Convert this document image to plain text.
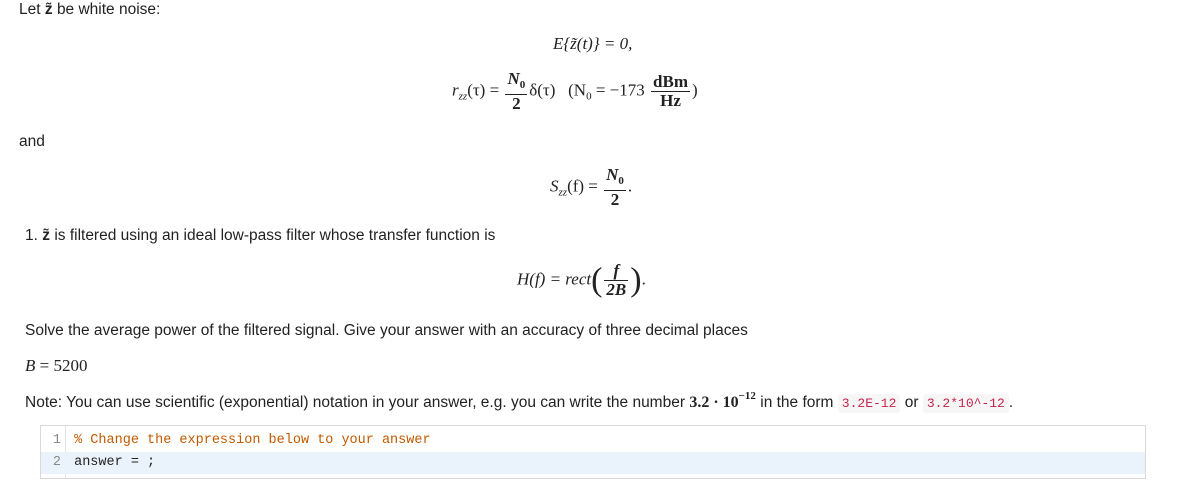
Let z̃ be white noise:
E{z̃(t)} = 0,
$r_{zz}(\tau) = \frac{N_0}{2} \delta(\tau) (N_0 = -173 \frac{\text{dBm}}{Hz}$ )
and
$S_{zz}(f) = \frac{N_0}{2}$ .
1. z̃ is filtered using an ideal low-pass filter whose transfer function is
H(f) = rect( $\frac{f}{2B}$ ).
Solve the average power of the filtered signal. Give your answer with an accuracy of three decimal places
B = 5200
Note: You can use scientific (exponential) notation in your answer, e.g. you can write the number $3.2 \cdot 10^{-12}$ in the form 3.2E-12 or 3.2*10^-12 .
1 % Change the expression below to your answer
2 answer = ;
